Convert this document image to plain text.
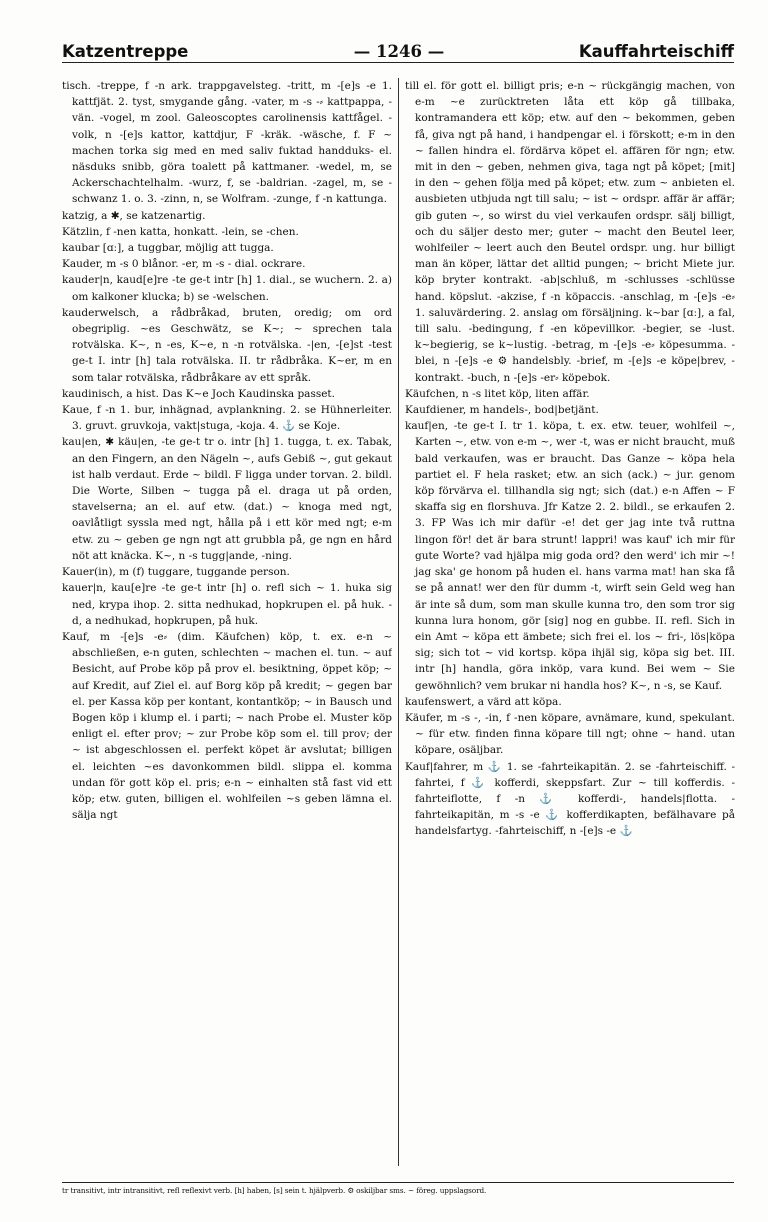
Katzentreppe	— 1246 —	Kauffahrteischiff

tisch. -treppe, f -n ark. trappgavelsteg. -tritt, m -[e]s -e 1. kattfjät. 2. tyst, smygande gång. -vater, m -s -⸗ kattpappa, -vän. -vogel, m zool. Galeoscoptes carolinensis kattfågel. -volk, n -[e]s kattor, kattdjur, F -kräk. -wäsche, f. F ~ machen torka sig med en med saliv fuktad handduks- el. näsduks snibb, göra toalett på kattmaner. -wedel, m, se Ackerschachtelhalm. -wurz, f, se -baldrian. -zagel, m, se -schwanz 1. o. 3. -zinn, n, se Wolfram. -zunge, f -n kattunga.

katzig, a ✱, se katzenartig.

Kätzlin, f -nen katta, honkatt. -lein, se -chen.

kaubar [ɑː], a tuggbar, möjlig att tugga.

Kauder, m -s 0 blånor. -er, m -s - dial. ockrare.

kauder|n, kaud[e]re -te ge-t intr [h] 1. dial., se wuchern. 2. a) om kalkoner klucka; b) se -welschen.

kauderwelsch, a rådbråkad, bruten, oredig; om ord obegriplig. ~es Geschwätz, se K~; ~ sprechen tala rotvälska. K~, n -es, K~e, n -n rotvälska. -|en, -[e]st -test ge-t I. intr [h] tala rotvälska. II. tr rådbråka. K~er, m en som talar rotvälska, rådbråkare av ett språk.

kaudinisch, a hist. Das K~e Joch Kaudinska passet.

Kaue, f -n 1. bur, inhägnad, avplankning. 2. se Hühnerleiter. 3. gruvt. gruvkoja, vakt|stuga, -koja. 4. ⚓ se Koje.

kau|en, ✱ käu|en, -te ge-t tr o. intr [h] 1. tugga, t. ex. Tabak, an den Fingern, an den Nägeln ~, aufs Gebiß ~, gut gekaut ist halb verdaut. Erde ~ bildl. F ligga under torvan. 2. bildl. Die Worte, Silben ~ tugga på el. draga ut på orden, stavelserna; an el. auf etw. (dat.) ~ knoga med ngt, oavlåtligt syssla med ngt, hålla på i ett kör med ngt; e-m etw. zu ~ geben ge ngn ngt att grubbla på, ge ngn en hård nöt att knäcka. K~, n -s tugg|ande, -ning.

Kauer(in), m (f) tuggare, tuggande person.

kauer|n, kau[e]re -te ge-t intr [h] o. refl sich ~ 1. huka sig ned, krypa ihop. 2. sitta nedhukad, hopkrupen el. på huk. -d, a nedhukad, hopkrupen, på huk.

Kauf, m -[e]s -e⸗ (dim. Käufchen) köp, t. ex. e-n ~ abschließen, e-n guten, schlechten ~ machen el. tun. ~ auf Besicht, auf Probe köp på prov el. besiktning, öppet köp; ~ auf Kredit, auf Ziel el. auf Borg köp på kredit; ~ gegen bar el. per Kassa köp per kontant, kontantköp; ~ in Bausch und Bogen köp i klump el. i parti; ~ nach Probe el. Muster köp enligt el. efter prov; ~ zur Probe köp som el. till prov; der ~ ist abgeschlossen el. perfekt köpet är avslutat; billigen el. leichten ~es davonkommen bildl. slippa el. komma undan för gott köp el. pris; e-n ~ einhalten stå fast vid ett köp; etw. guten, billigen el. wohlfeilen ~s geben lämna el. sälja ngt

till el. för gott el. billigt pris; e-n ~ rückgängig machen, von e-m ~e zurücktreten låta ett köp gå tillbaka, kontramandera ett köp; etw. auf den ~ bekommen, geben få, giva ngt på hand, i handpengar el. i förskott; e-m in den ~ fallen hindra el. fördärva köpet el. affären för ngn; etw. mit in den ~ geben, nehmen giva, taga ngt på köpet; [mit] in den ~ gehen följa med på köpet; etw. zum ~ anbieten el. ausbieten utbjuda ngt till salu; ~ ist ~ ordspr. affär är affär; gib guten ~, so wirst du viel verkaufen ordspr. sälj billigt, och du säljer desto mer; guter ~ macht den Beutel leer, wohlfeiler ~ leert auch den Beutel ordspr. ung. hur billigt man än köper, lättar det alltid pungen; ~ bricht Miete jur. köp bryter kontrakt. -ab|schluß, m -schlusses -schlüsse hand. köpslut. -akzise, f -n köpaccis. -anschlag, m -[e]s -e⸗ 1. saluvärdering. 2. anslag om försäljning. k~bar [ɑː], a fal, till salu. -bedingung, f -en köpevillkor. -begier, se -lust. k~begierig, se k~lustig. -betrag, m -[e]s -e⸗ köpesumma. -blei, n -[e]s -e ⚙ handelsbly. -brief, m -[e]s -e köpe|brev, -kontrakt. -buch, n -[e]s -er⸗ köpebok.

Käufchen, n -s litet köp, liten affär.

Kaufdiener, m handels-, bod|betjänt.

kauf|en, -te ge-t I. tr 1. köpa, t. ex. etw. teuer, wohlfeil ~, Karten ~, etw. von e-m ~, wer -t, was er nicht braucht, muß bald verkaufen, was er braucht. Das Ganze ~ köpa hela partiet el. F hela rasket; etw. an sich (ack.) ~ jur. genom köp förvärva el. tillhandla sig ngt; sich (dat.) e-n Affen ~ F skaffa sig en florshuva. Jfr Katze 2. 2. bildl., se erkaufen 2. 3. FP Was ich mir dafür -e! det ger jag inte två ruttna lingon för! det är bara strunt! lappri! was kauf' ich mir für gute Worte? vad hjälpa mig goda ord? den werd' ich mir ~! jag ska' ge honom på huden el. hans varma mat! han ska få se på annat! wer den für dumm -t, wirft sein Geld weg han är inte så dum, som man skulle kunna tro, den som tror sig kunna lura honom, gör [sig] nog en gubbe. II. refl. Sich in ein Amt ~ köpa ett ämbete; sich frei el. los ~ fri-, lös|köpa sig; sich tot ~ vid kortsp. köpa ihjäl sig, köpa sig bet. III. intr [h] handla, göra inköp, vara kund. Bei wem ~ Sie gewöhnlich? vem brukar ni handla hos? K~, n -s, se Kauf.

kaufenswert, a värd att köpa.

Käufer, m -s -, -in, f -nen köpare, avnämare, kund, spekulant. ~ für etw. finden finna köpare till ngt; ohne ~ hand. utan köpare, osäljbar.

Kauf|fahrer, m ⚓ 1. se -fahrteikapitän. 2. se -fahrteischiff. -fahrtei, f ⚓ kofferdi, skeppsfart. Zur ~ till kofferdis. -fahrteiflotte, f -n ⚓ kofferdi-, handels|flotta. -fahrteikapitän, m -s -e ⚓ kofferdikapten, befälhavare på handelsfartyg. -fahrteischiff, n -[e]s -e ⚓

tr transitivt, intr intransitivt, refl reflexivt verb. [h] haben, [s] sein t. hjälpverb. ⚙ oskiljbar sms. ~ föreg. uppslagsord.
